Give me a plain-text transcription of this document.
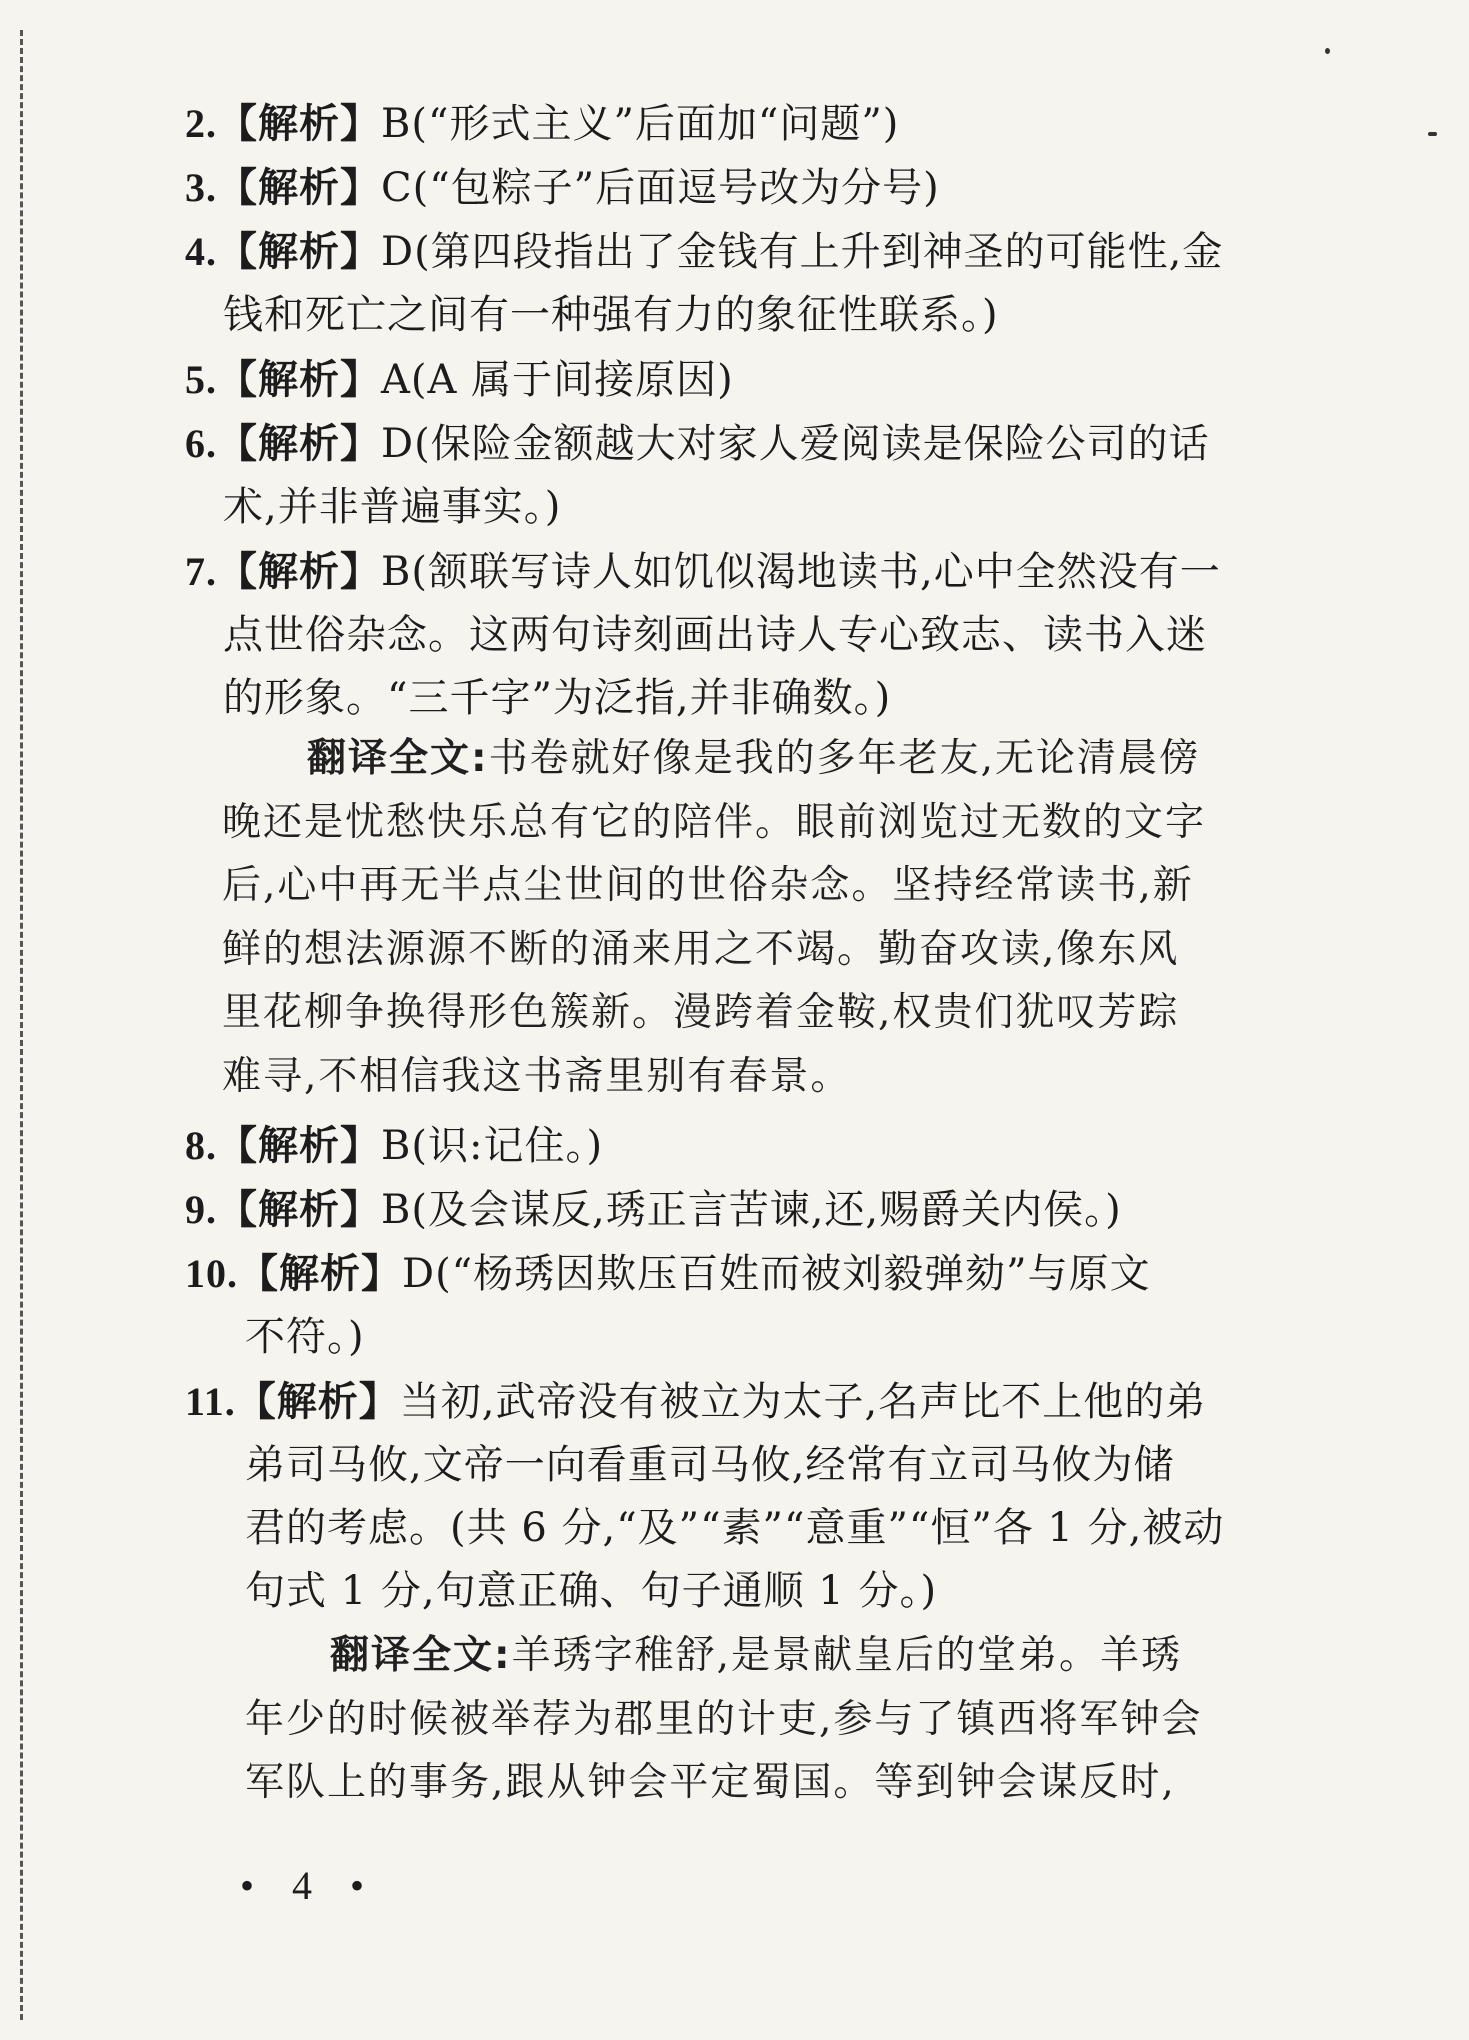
2.【解析】B(“形式主义”后面加“问题”)
3.【解析】C(“包粽子”后面逗号改为分号)
4.【解析】D(第四段指出了金钱有上升到神圣的可能性,金
钱和死亡之间有一种强有力的象征性联系。)
5.【解析】A(A 属于间接原因)
6.【解析】D(保险金额越大对家人爱阅读是保险公司的话
术,并非普遍事实。)
7.【解析】B(颔联写诗人如饥似渴地读书,心中全然没有一
点世俗杂念。这两句诗刻画出诗人专心致志、读书入迷
的形象。“三千字”为泛指,并非确数。)
翻译全文:书卷就好像是我的多年老友,无论清晨傍
晚还是忧愁快乐总有它的陪伴。眼前浏览过无数的文字
后,心中再无半点尘世间的世俗杂念。坚持经常读书,新
鲜的想法源源不断的涌来用之不竭。勤奋攻读,像东风
里花柳争换得形色簇新。漫跨着金鞍,权贵们犹叹芳踪
难寻,不相信我这书斋里别有春景。
8.【解析】B(识:记住。)
9.【解析】B(及会谋反,琇正言苦谏,还,赐爵关内侯。)
10.【解析】D(“杨琇因欺压百姓而被刘毅弹劾”与原文
不符。)
11.【解析】当初,武帝没有被立为太子,名声比不上他的弟
弟司马攸,文帝一向看重司马攸,经常有立司马攸为储
君的考虑。(共 6 分,“及”“素”“意重”“恒”各 1 分,被动
句式 1 分,句意正确、句子通顺 1 分。)
翻译全文:羊琇字稚舒,是景献皇后的堂弟。羊琇
年少的时候被举荐为郡里的计吏,参与了镇西将军钟会
军队上的事务,跟从钟会平定蜀国。等到钟会谋反时,
• 4 •
